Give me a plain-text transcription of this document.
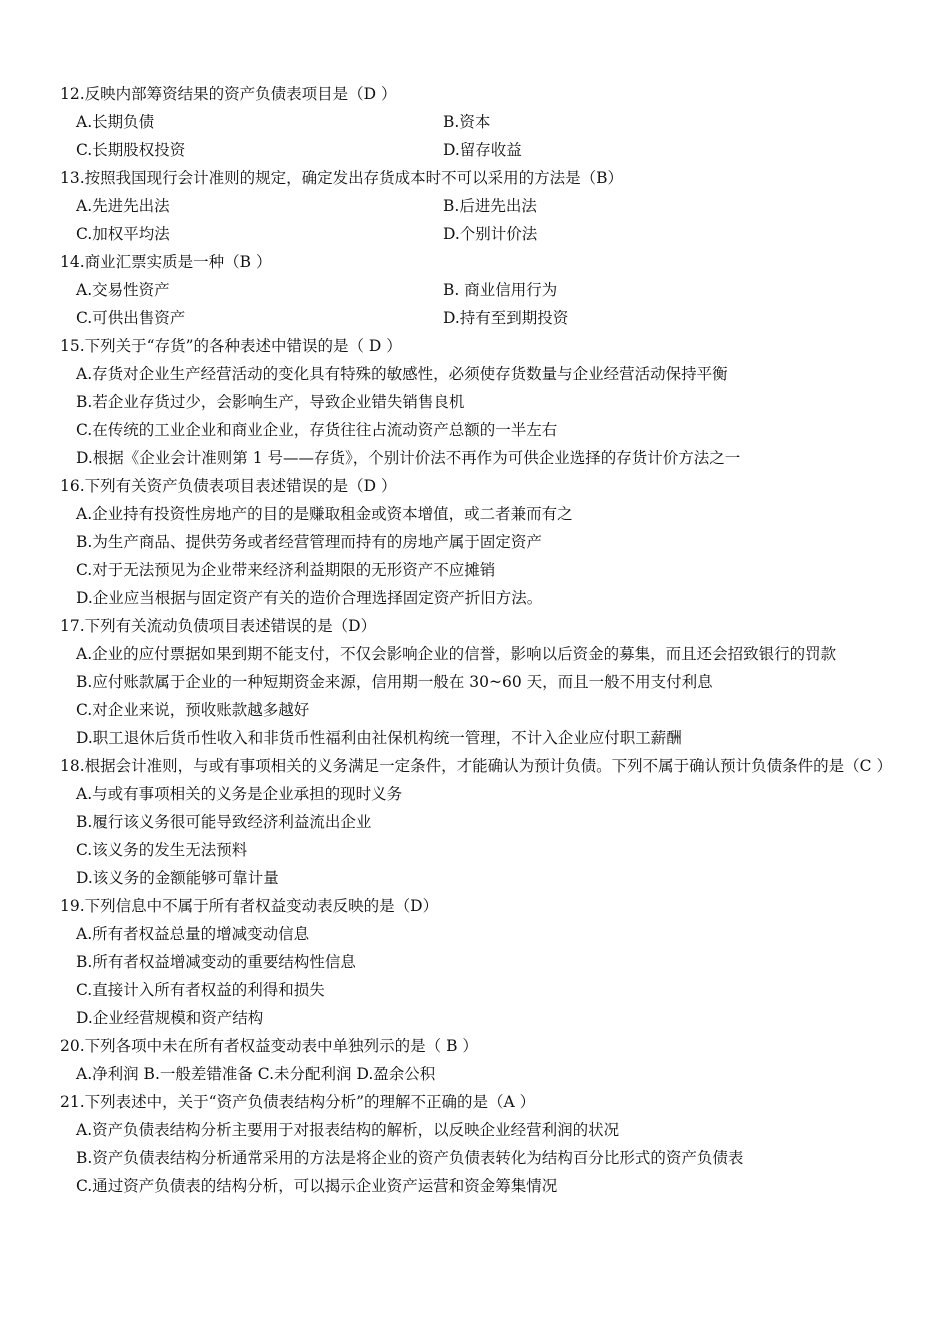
12.反映内部筹资结果的资产负债表项目是（D ）

A.长期负债	B.资本
C.长期股权投资	D.留存收益

13.按照我国现行会计准则的规定，确定发出存货成本时不可以采用的方法是（B）

A.先进先出法	B.后进先出法
C.加权平均法	D.个别计价法

14.商业汇票实质是一种（B ）

A.交易性资产	B. 商业信用行为
C.可供出售资产	D.持有至到期投资

15.下列关于“存货”的各种表述中错误的是（ D ）

A.存货对企业生产经营活动的变化具有特殊的敏感性，必须使存货数量与企业经营活动保持平衡

B.若企业存货过少，会影响生产，导致企业错失销售良机

C.在传统的工业企业和商业企业，存货往往占流动资产总额的一半左右

D.根据《企业会计准则第 1 号——存货》，个别计价法不再作为可供企业选择的存货计价方法之一

16.下列有关资产负债表项目表述错误的是（D ）

A.企业持有投资性房地产的目的是赚取租金或资本增值，或二者兼而有之

B.为生产商品、提供劳务或者经营管理而持有的房地产属于固定资产

C.对于无法预见为企业带来经济利益期限的无形资产不应摊销

D.企业应当根据与固定资产有关的造价合理选择固定资产折旧方法。

17.下列有关流动负债项目表述错误的是（D）

A.企业的应付票据如果到期不能支付，不仅会影响企业的信誉，影响以后资金的募集，而且还会招致银行的罚款

B.应付账款属于企业的一种短期资金来源，信用期一般在 30~60 天，而且一般不用支付利息

C.对企业来说，预收账款越多越好

D.职工退休后货币性收入和非货币性福利由社保机构统一管理，不计入企业应付职工薪酬

18.根据会计准则，与或有事项相关的义务满足一定条件，才能确认为预计负债。下列不属于确认预计负债条件的是（C ）

A.与或有事项相关的义务是企业承担的现时义务

B.履行该义务很可能导致经济利益流出企业

C.该义务的发生无法预料

D.该义务的金额能够可靠计量

19.下列信息中不属于所有者权益变动表反映的是（D）

A.所有者权益总量的增减变动信息

B.所有者权益增减变动的重要结构性信息

C.直接计入所有者权益的利得和损失

D.企业经营规模和资产结构

20.下列各项中未在所有者权益变动表中单独列示的是（ B ）

A.净利润 B.一般差错准备 C.未分配利润 D.盈余公积

21.下列表述中，关于“资产负债表结构分析”的理解不正确的是（A ）

A.资产负债表结构分析主要用于对报表结构的解析，以反映企业经营利润的状况

B.资产负债表结构分析通常采用的方法是将企业的资产负债表转化为结构百分比形式的资产负债表

C.通过资产负债表的结构分析，可以揭示企业资产运营和资金筹集情况
